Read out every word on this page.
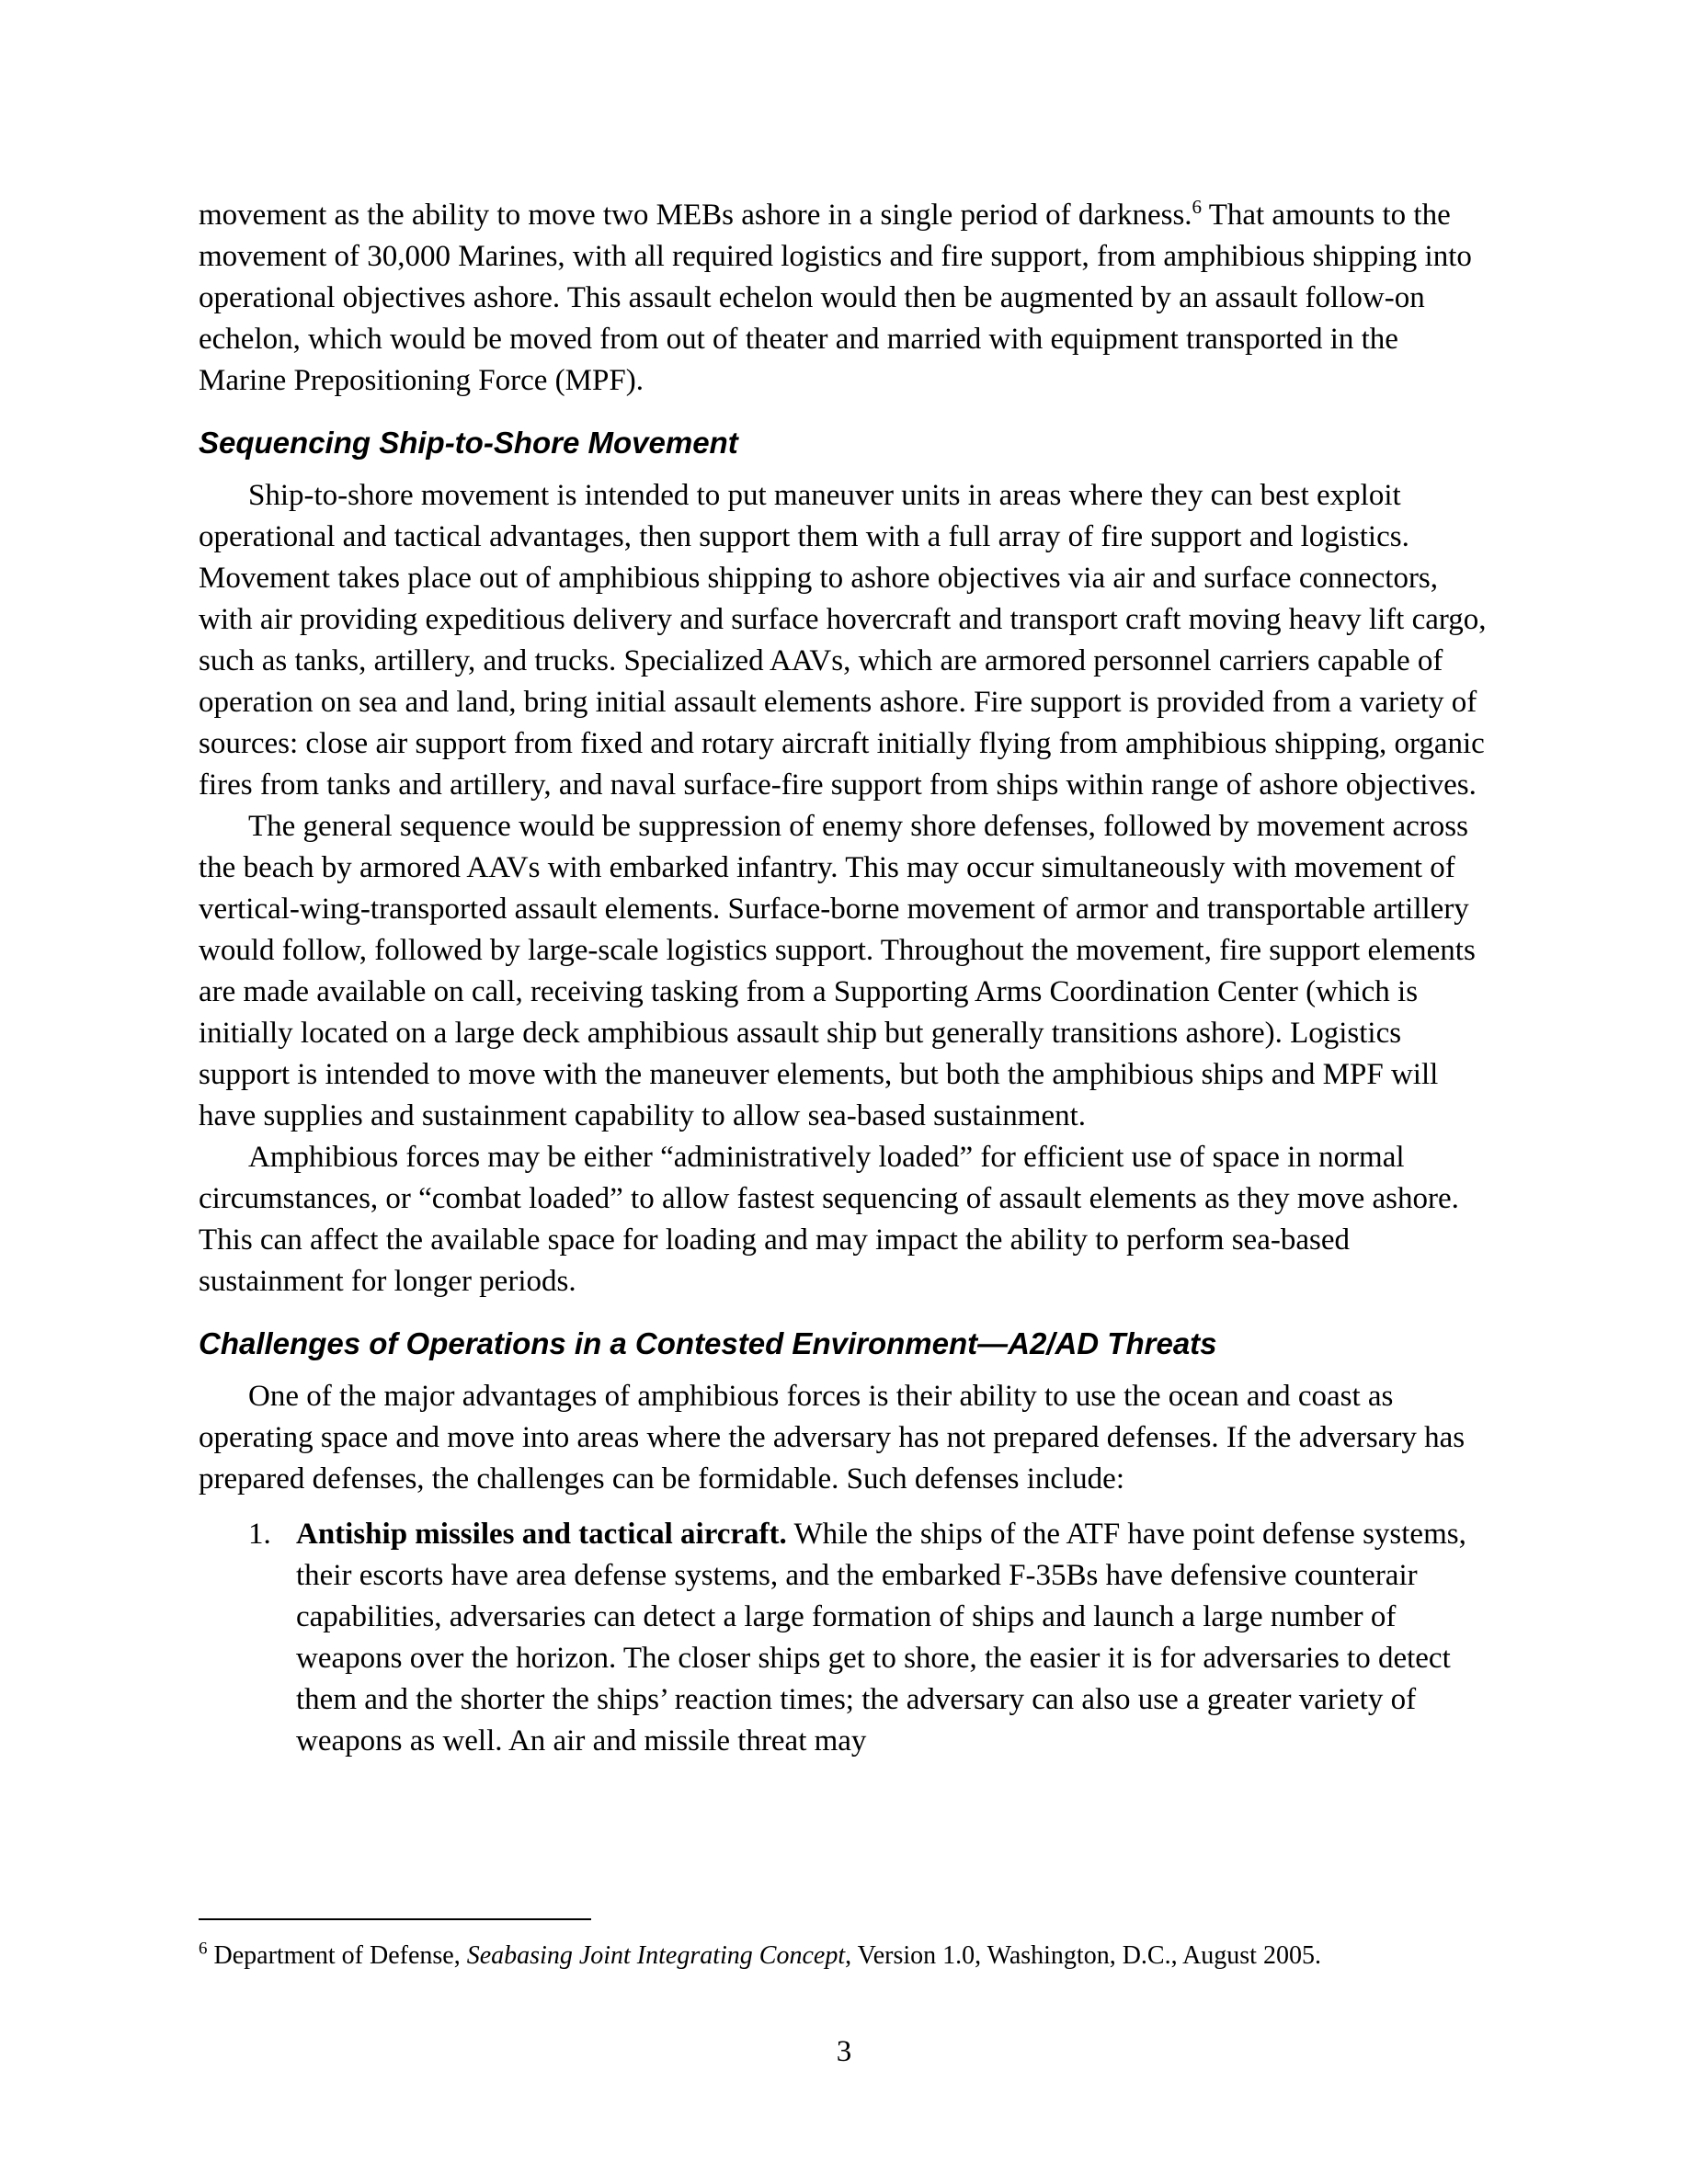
movement as the ability to move two MEBs ashore in a single period of darkness.$^6$ That amounts to the movement of 30,000 Marines, with all required logistics and fire support, from amphibious shipping into operational objectives ashore. This assault echelon would then be augmented by an assault follow-on echelon, which would be moved from out of theater and married with equipment transported in the Marine Prepositioning Force (MPF).

Sequencing Ship-to-Shore Movement

Ship-to-shore movement is intended to put maneuver units in areas where they can best exploit operational and tactical advantages, then support them with a full array of fire support and logistics. Movement takes place out of amphibious shipping to ashore objectives via air and surface connectors, with air providing expeditious delivery and surface hovercraft and transport craft moving heavy lift cargo, such as tanks, artillery, and trucks. Specialized AAVs, which are armored personnel carriers capable of operation on sea and land, bring initial assault elements ashore. Fire support is provided from a variety of sources: close air support from fixed and rotary aircraft initially flying from amphibious shipping, organic fires from tanks and artillery, and naval surface-fire support from ships within range of ashore objectives.

The general sequence would be suppression of enemy shore defenses, followed by movement across the beach by armored AAVs with embarked infantry. This may occur simultaneously with movement of vertical-wing-transported assault elements. Surface-borne movement of armor and transportable artillery would follow, followed by large-scale logistics support. Throughout the movement, fire support elements are made available on call, receiving tasking from a Supporting Arms Coordination Center (which is initially located on a large deck amphibious assault ship but generally transitions ashore). Logistics support is intended to move with the maneuver elements, but both the amphibious ships and MPF will have supplies and sustainment capability to allow sea-based sustainment.

Amphibious forces may be either “administratively loaded” for efficient use of space in normal circumstances, or “combat loaded” to allow fastest sequencing of assault elements as they move ashore. This can affect the available space for loading and may impact the ability to perform sea-based sustainment for longer periods.

Challenges of Operations in a Contested Environment—A2/AD Threats

One of the major advantages of amphibious forces is their ability to use the ocean and coast as operating space and move into areas where the adversary has not prepared defenses. If the adversary has prepared defenses, the challenges can be formidable. Such defenses include:

1. Antiship missiles and tactical aircraft. While the ships of the ATF have point defense systems, their escorts have area defense systems, and the embarked F-35Bs have defensive counterair capabilities, adversaries can detect a large formation of ships and launch a large number of weapons over the horizon. The closer ships get to shore, the easier it is for adversaries to detect them and the shorter the ships’ reaction times; the adversary can also use a greater variety of weapons as well. An air and missile threat may
$^6$ Department of Defense, Seabasing Joint Integrating Concept, Version 1.0, Washington, D.C., August 2005.
3
